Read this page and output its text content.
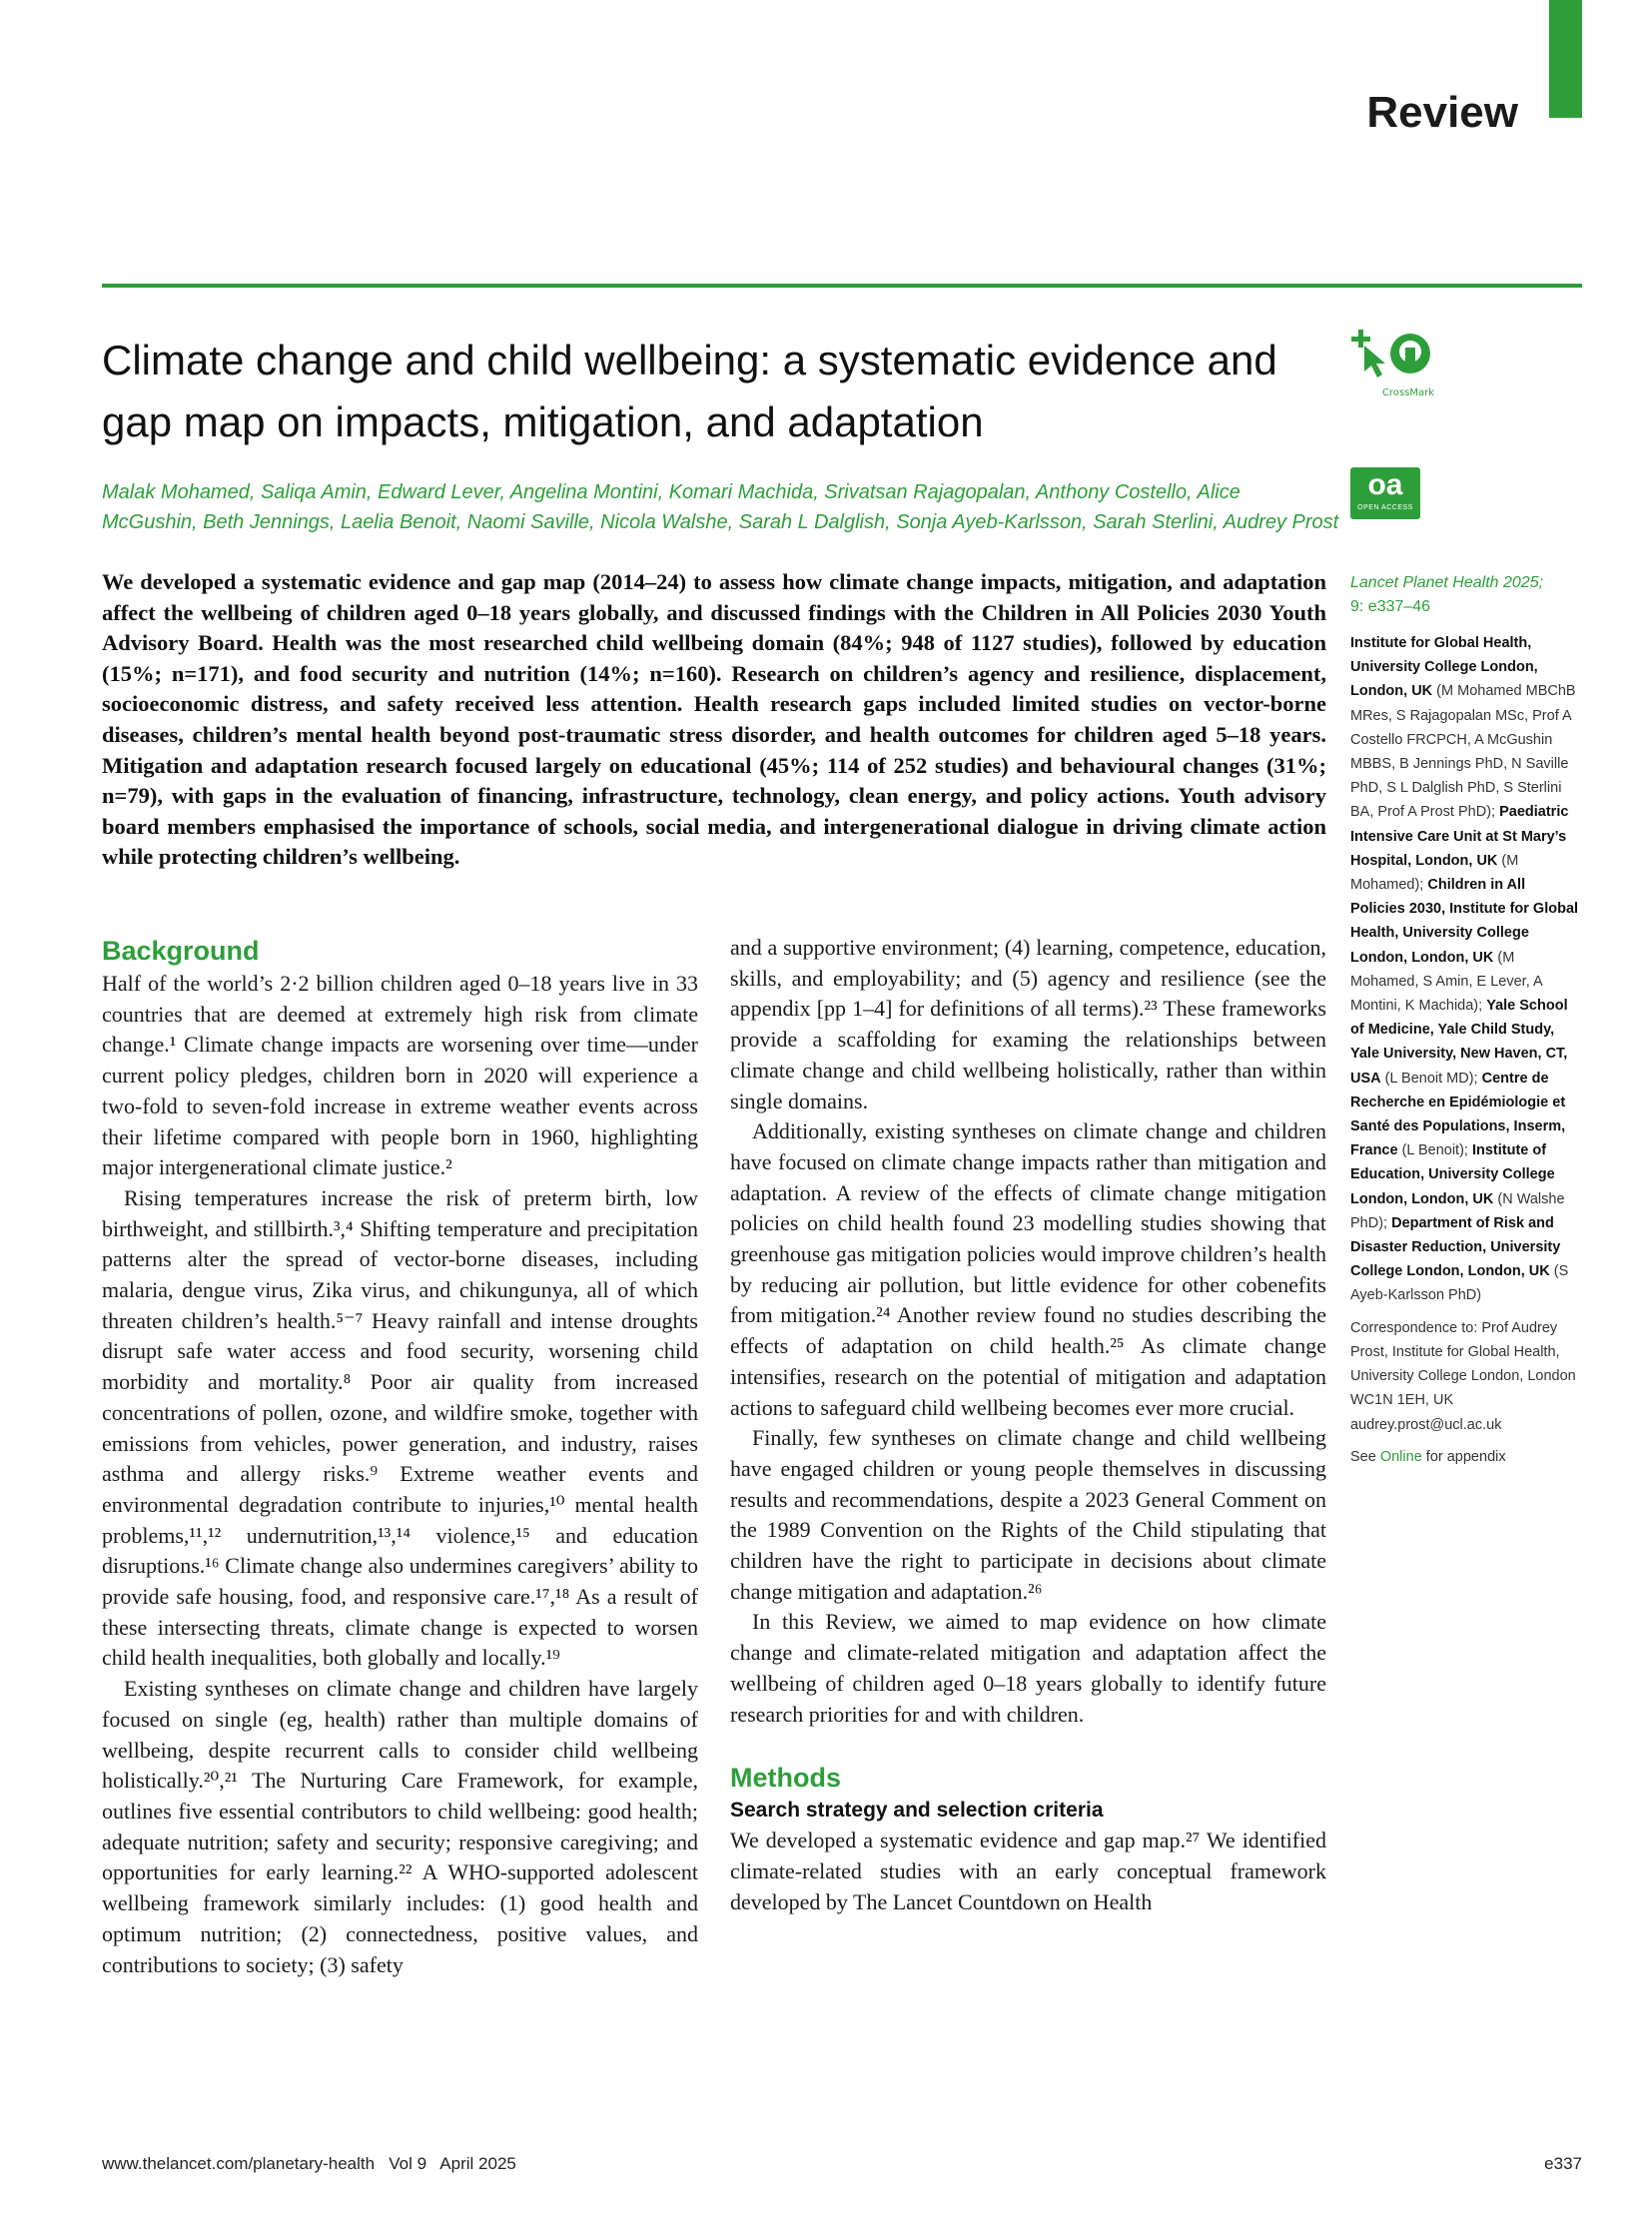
Review
Climate change and child wellbeing: a systematic evidence and gap map on impacts, mitigation, and adaptation
Malak Mohamed, Saliqa Amin, Edward Lever, Angelina Montini, Komari Machida, Srivatsan Rajagopalan, Anthony Costello, Alice McGushin, Beth Jennings, Laelia Benoit, Naomi Saville, Nicola Walshe, Sarah L Dalglish, Sonja Ayeb-Karlsson, Sarah Sterlini, Audrey Prost
CrossMark
oa
OPEN ACCESS
We developed a systematic evidence and gap map (2014–24) to assess how climate change impacts, mitigation, and adaptation affect the wellbeing of children aged 0–18 years globally, and discussed findings with the Children in All Policies 2030 Youth Advisory Board. Health was the most researched child wellbeing domain (84%; 948 of 1127 studies), followed by education (15%; n=171), and food security and nutrition (14%; n=160). Research on children’s agency and resilience, displacement, socioeconomic distress, and safety received less attention. Health research gaps included limited studies on vector-borne diseases, children’s mental health beyond post-traumatic stress disorder, and health outcomes for children aged 5–18 years. Mitigation and adaptation research focused largely on educational (45%; 114 of 252 studies) and behavioural changes (31%; n=79), with gaps in the evaluation of financing, infrastructure, technology, clean energy, and policy actions. Youth advisory board members emphasised the importance of schools, social media, and intergenerational dialogue in driving climate action while protecting children’s wellbeing.
Lancet Planet Health 2025;
9: e337–46
Institute for Global Health, University College London, London, UK (M Mohamed MBChB MRes, S Rajagopalan MSc, Prof A Costello FRCPCH, A McGushin MBBS, B Jennings PhD, N Saville PhD, S L Dalglish PhD, S Sterlini BA, Prof A Prost PhD); Paediatric Intensive Care Unit at St Mary’s Hospital, London, UK (M Mohamed); Children in All Policies 2030, Institute for Global Health, University College London, London, UK (M Mohamed, S Amin, E Lever, A Montini, K Machida); Yale School of Medicine, Yale Child Study, Yale University, New Haven, CT, USA (L Benoit MD); Centre de Recherche en Epidémiologie et Santé des Populations, Inserm, France (L Benoit); Institute of Education, University College London, London, UK (N Walshe PhD); Department of Risk and Disaster Reduction, University College London, London, UK (S Ayeb-Karlsson PhD)
Correspondence to: Prof Audrey Prost, Institute for Global Health, University College London, London WC1N 1EH, UK
audrey.prost@ucl.ac.uk
See Online for appendix
Background

Half of the world’s 2·2 billion children aged 0–18 years live in 33 countries that are deemed at extremely high risk from climate change.¹ Climate change impacts are worsening over time—under current policy pledges, children born in 2020 will experience a two-fold to seven-fold increase in extreme weather events across their lifetime compared with people born in 1960, highlighting major intergenerational climate justice.²

Rising temperatures increase the risk of preterm birth, low birthweight, and stillbirth.³,⁴ Shifting temperature and precipitation patterns alter the spread of vector-borne diseases, including malaria, dengue virus, Zika virus, and chikungunya, all of which threaten children’s health.⁵⁻⁷ Heavy rainfall and intense droughts disrupt safe water access and food security, worsening child morbidity and mortality.⁸ Poor air quality from increased concentrations of pollen, ozone, and wildfire smoke, together with emissions from vehicles, power generation, and industry, raises asthma and allergy risks.⁹ Extreme weather events and environmental degradation contribute to injuries,¹⁰ mental health problems,¹¹,¹² undernutrition,¹³,¹⁴ violence,¹⁵ and education disruptions.¹⁶ Climate change also undermines caregivers’ ability to provide safe housing, food, and responsive care.¹⁷,¹⁸ As a result of these intersecting threats, climate change is expected to worsen child health inequalities, both globally and locally.¹⁹

Existing syntheses on climate change and children have largely focused on single (eg, health) rather than multiple domains of wellbeing, despite recurrent calls to consider child wellbeing holistically.²⁰,²¹ The Nurturing Care Framework, for example, outlines five essential contributors to child wellbeing: good health; adequate nutrition; safety and security; responsive caregiving; and opportunities for early learning.²² A WHO-supported adolescent wellbeing framework similarly includes: (1) good health and optimum nutrition; (2) connectedness, positive values, and contributions to society; (3) safety

and a supportive environment; (4) learning, competence, education, skills, and employability; and (5) agency and resilience (see the appendix [pp 1–4] for definitions of all terms).²³ These frameworks provide a scaffolding for examing the relationships between climate change and child wellbeing holistically, rather than within single domains.

Additionally, existing syntheses on climate change and children have focused on climate change impacts rather than mitigation and adaptation. A review of the effects of climate change mitigation policies on child health found 23 modelling studies showing that greenhouse gas mitigation policies would improve children’s health by reducing air pollution, but little evidence for other cobenefits from mitigation.²⁴ Another review found no studies describing the effects of adaptation on child health.²⁵ As climate change intensifies, research on the potential of mitigation and adaptation actions to safeguard child wellbeing becomes ever more crucial.

Finally, few syntheses on climate change and child wellbeing have engaged children or young people themselves in discussing results and recommendations, despite a 2023 General Comment on the 1989 Convention on the Rights of the Child stipulating that children have the right to participate in decisions about climate change mitigation and adaptation.²⁶

In this Review, we aimed to map evidence on how climate change and climate-related mitigation and adaptation affect the wellbeing of children aged 0–18 years globally to identify future research priorities for and with children.

Methods
Search strategy and selection criteria

We developed a systematic evidence and gap map.²⁷ We identified climate-related studies with an early conceptual framework developed by The Lancet Countdown on Health

www.thelancet.com/planetary-health   Vol 9   April 2025	e337
